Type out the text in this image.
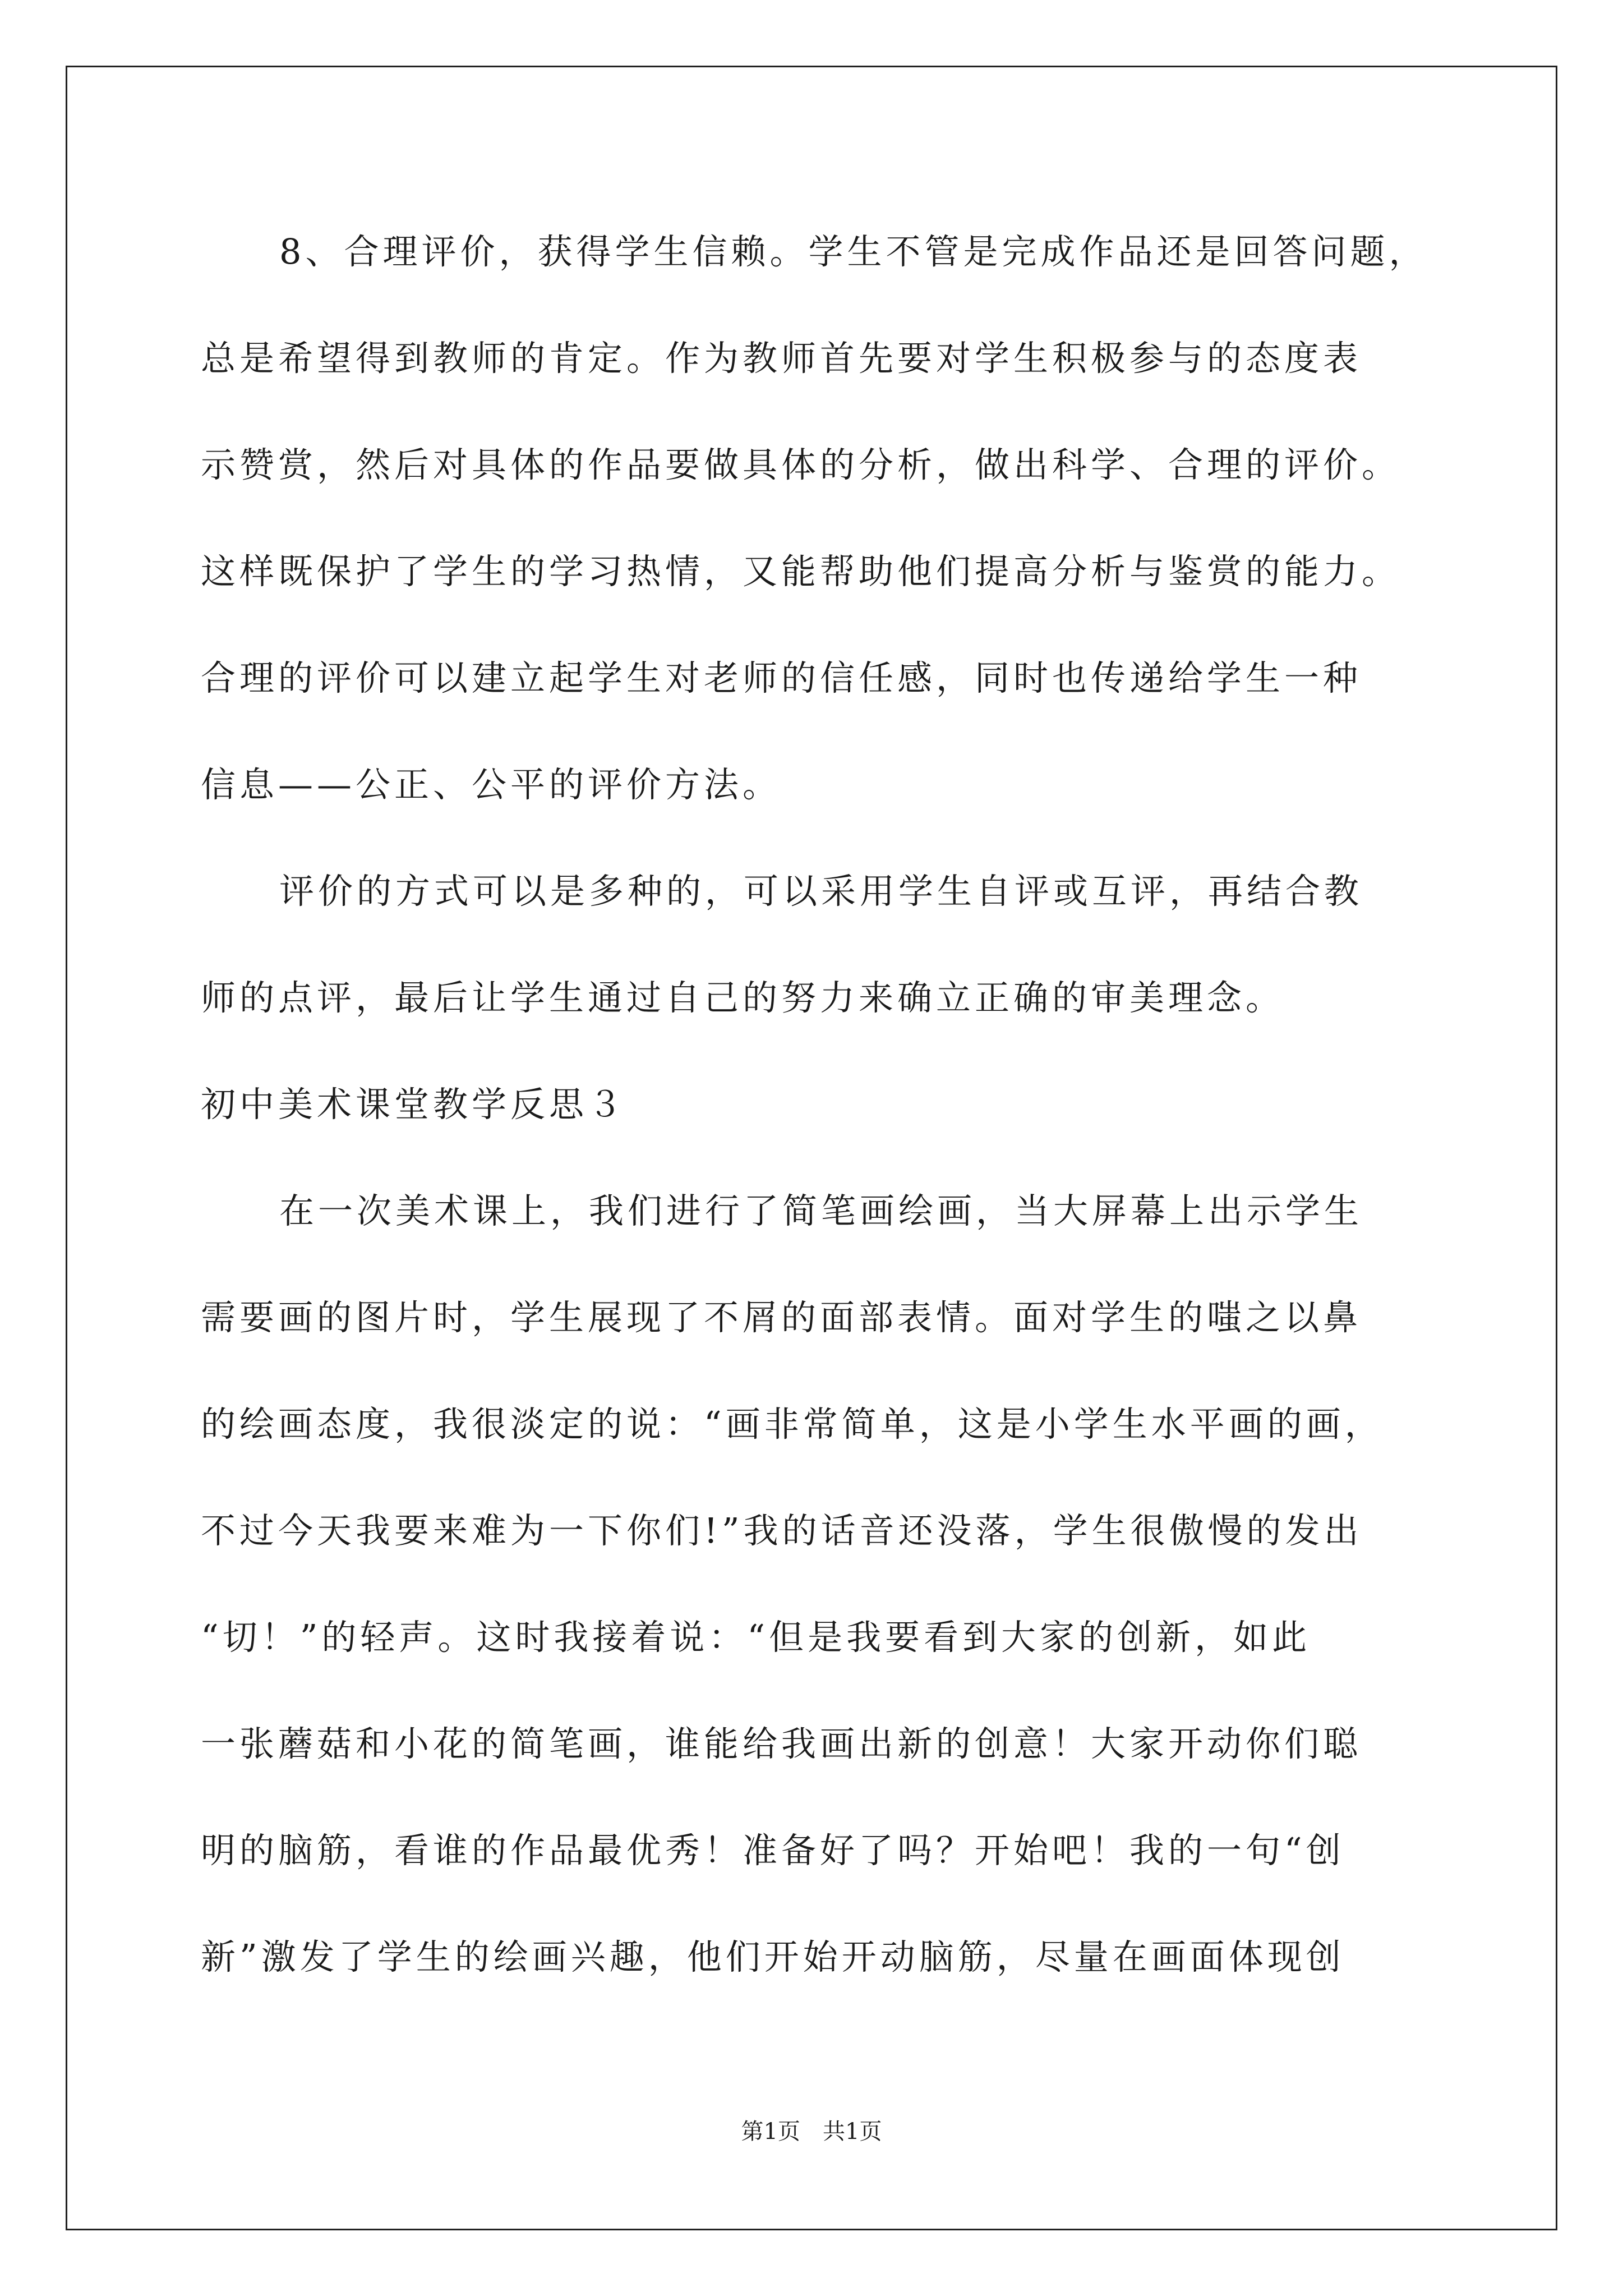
8、合理评价，获得学生信赖。学生不管是完成作品还是回答问题，
总是希望得到教师的肯定。作为教师首先要对学生积极参与的态度表
示赞赏，然后对具体的作品要做具体的分析，做出科学、合理的评价。
这样既保护了学生的学习热情，又能帮助他们提高分析与鉴赏的能力。
合理的评价可以建立起学生对老师的信任感，同时也传递给学生一种
信息——公正、公平的评价方法。
评价的方式可以是多种的，可以采用学生自评或互评，再结合教
师的点评，最后让学生通过自己的努力来确立正确的审美理念。
初中美术课堂教学反思３
在一次美术课上，我们进行了简笔画绘画，当大屏幕上出示学生
需要画的图片时，学生展现了不屑的面部表情。面对学生的嗤之以鼻
的绘画态度，我很淡定的说：“画非常简单，这是小学生水平画的画，
不过今天我要来难为一下你们!”我的话音还没落，学生很傲慢的发出
“切！”的轻声。这时我接着说：“但是我要看到大家的创新，如此
一张蘑菇和小花的简笔画，谁能给我画出新的创意！大家开动你们聪
明的脑筋，看谁的作品最优秀！准备好了吗？开始吧！我的一句“创
新”激发了学生的绘画兴趣，他们开始开动脑筋，尽量在画面体现创
第1页　共1页
